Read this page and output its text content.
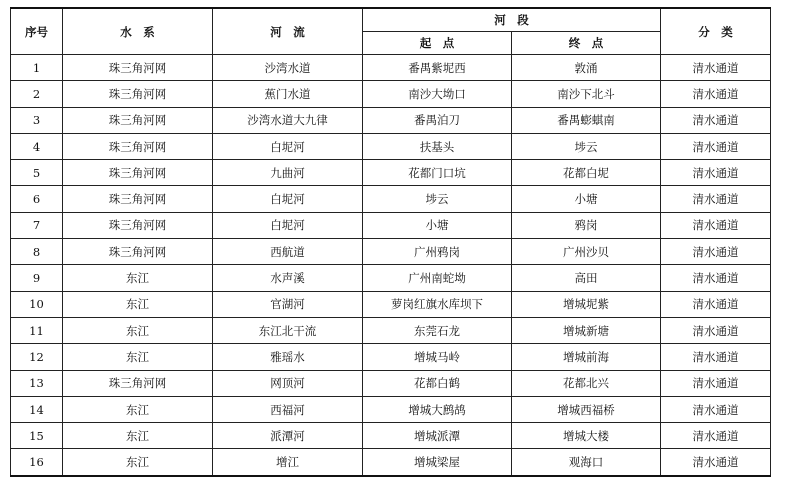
序号	水　系	河　流	河　段		分　类
			起　点	终　点	
1	珠三角河网	沙湾水道	番禺紫坭西	敦涌	清水通道
2	珠三角河网	蕉门水道	南沙大坳口	南沙下北斗	清水通道
3	珠三角河网	沙湾水道大九律	番禺泊刀	番禺蟛蜞南	清水通道
4	珠三角河网	白坭河	扶基头	埗云	清水通道
5	珠三角河网	九曲河	花都门口坑	花都白坭	清水通道
6	珠三角河网	白坭河	埗云	小塘	清水通道
7	珠三角河网	白坭河	小塘	鸦岗	清水通道
8	珠三角河网	西航道	广州鸦岗	广州沙贝	清水通道
9	东江	水声溪	广州南蛇坳	高田	清水通道
10	东江	官湖河	萝岗红旗水库坝下	增城坭紫	清水通道
11	东江	东江北干流	东莞石龙	增城新塘	清水通道
12	东江	雅瑶水	增城马岭	增城前海	清水通道
13	珠三角河网	网顶河	花都白鹤	花都北兴	清水通道
14	东江	西福河	增城大鹧鸪	增城西福桥	清水通道
15	东江	派潭河	增城派潭	增城大楼	清水通道
16	东江	增江	增城梁屋	观海口	清水通道
